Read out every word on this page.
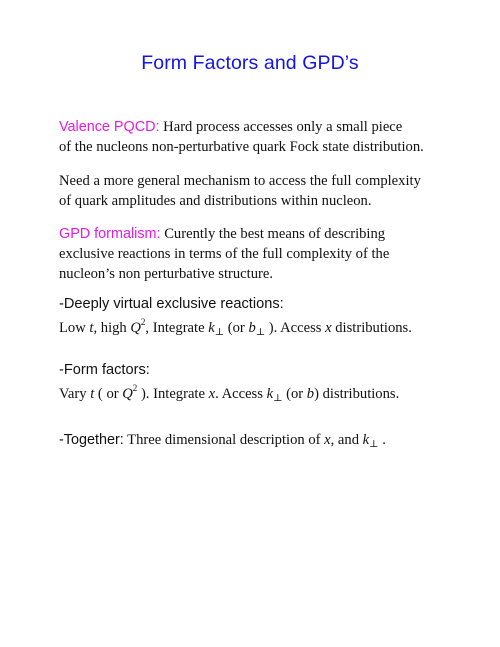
Form Factors and GPD’s
Valence PQCD: Hard process accesses only a small piece
of the nucleons non-perturbative quark Fock state distribution.
Need a more general mechanism to access the full complexity
of quark amplitudes and distributions within nucleon.
GPD formalism: Curently the best means of describing
exclusive reactions in terms of the full complexity of the
nucleon’s non perturbative structure.
-Deeply virtual exclusive reactions:
Low t, high $Q^2$, Integrate $k_\perp$ (or $b_\perp$ ). Access x distributions.
-Form factors:
Vary t ( or $Q^2$ ). Integrate x. Access $k_\perp$ (or b) distributions.
-Together: Three dimensional description of x, and $k_\perp$ .
